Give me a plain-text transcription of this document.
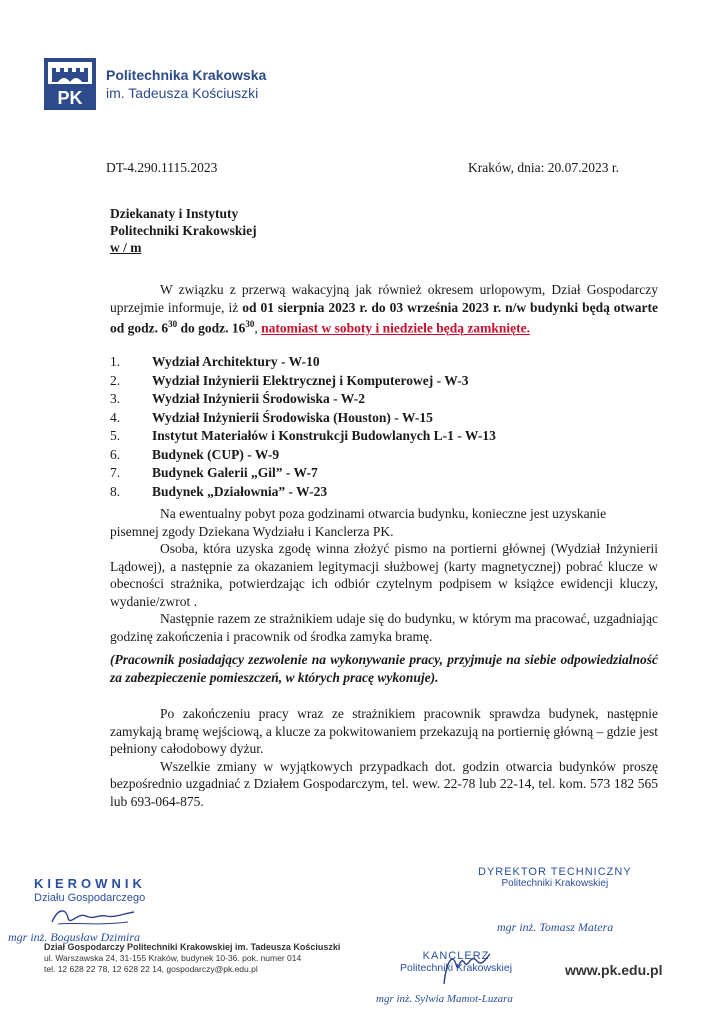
PK
Politechnika Krakowska
im. Tadeusza Kościuszki
DT-4.290.1115.2023	Kraków, dnia: 20.07.2023 r.
Dziekanaty i Instytuty
Politechniki Krakowskiej
w / m

W związku z przerwą wakacyjną jak również okresem urlopowym, Dział Gospodarczy uprzejmie informuje, iż od 01 sierpnia 2023 r. do 03 września 2023 r. n/w budynki będą otwarte od godz. $6^{30}$ do godz. $16^{30}$, natomiast w soboty i niedziele będą zamknięte.

1.	Wydział Architektury - W-10
2.	Wydział Inżynierii Elektrycznej i Komputerowej - W-3
3.	Wydział Inżynierii Środowiska - W-2
4.	Wydział Inżynierii Środowiska (Houston) - W-15
5.	Instytut Materiałów i Konstrukcji Budowlanych L-1 - W-13
6.	Budynek (CUP) - W-9
7.	Budynek Galerii „Gil” - W-7
8.	Budynek „Działownia” - W-23

Na ewentualny pobyt poza godzinami otwarcia budynku, konieczne jest uzyskanie

pisemnej zgody Dziekana Wydziału i Kanclerza PK.

Osoba, która uzyska zgodę winna złożyć pismo na portierni głównej (Wydział Inżynierii Lądowej), a następnie za okazaniem legitymacji służbowej (karty magnetycznej) pobrać klucze w obecności strażnika, potwierdzając ich odbiór czytelnym podpisem w książce ewidencji kluczy, wydanie/zwrot .

Następnie razem ze strażnikiem udaje się do budynku, w którym ma pracować, uzgadniając godzinę zakończenia i pracownik od środka zamyka bramę.

(Pracownik posiadający zezwolenie na wykonywanie pracy, przyjmuje na siebie odpowiedzialność za zabezpieczenie pomieszczeń, w których pracę wykonuje).

Po zakończeniu pracy wraz ze strażnikiem pracownik sprawdza budynek, następnie zamykają bramę wejściową, a klucze za pokwitowaniem przekazują na portiernię główną – gdzie jest pełniony całodobowy dyżur.

Wszelkie zmiany w wyjątkowych przypadkach dot. godzin otwarcia budynków proszę bezpośrednio uzgadniać z Działem Gospodarczym, tel. wew. 22-78 lub 22-14, tel. kom. 573 182 565 lub 693-064-875.

KIEROWNIK
Działu Gospodarczego
mgr inż. Bogusław Dzimira
DYREKTOR TECHNICZNY
Politechniki Krakowskiej
mgr inż. Tomasz Matera
KANCLERZ
Politechniki Krakowskiej
mgr inż. Sylwia Mamot-Luzara
Dział Gospodarczy Politechniki Krakowskiej im. Tadeusza Kościuszki
ul. Warszawska 24, 31-155 Kraków, budynek 10-36. pok. numer 014
tel. 12 628 22 78, 12 628 22 14, gospodarczy@pk.edu.pl	www.pk.edu.pl
